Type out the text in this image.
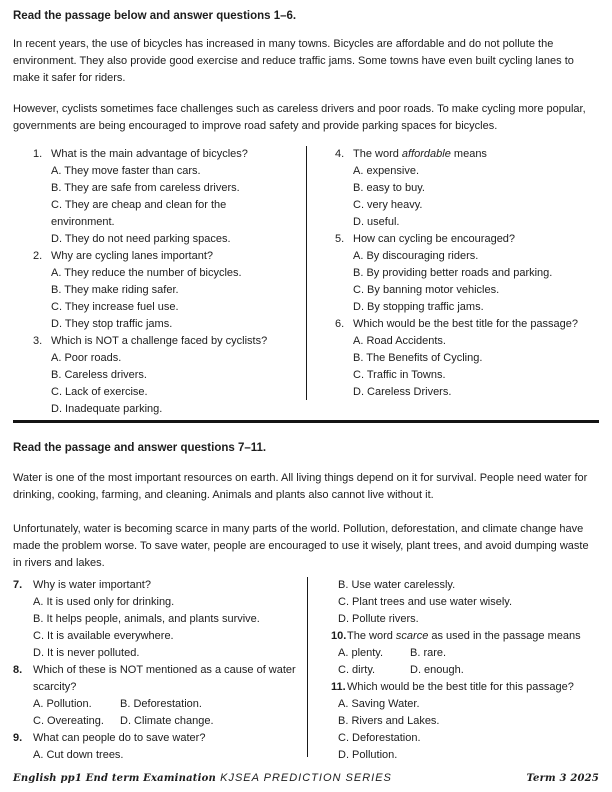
Read the passage below and answer questions 1–6.

In recent years, the use of bicycles has increased in many towns. Bicycles are affordable and do not pollute the environment. They also provide good exercise and reduce traffic jams. Some towns have even built cycling lanes to make it safer for riders.

However, cyclists sometimes face challenges such as careless drivers and poor roads. To make cycling more popular, governments are being encouraged to improve road safety and provide parking spaces for bicycles.

1. What is the main advantage of bicycles?
A. They move faster than cars.
B. They are safe from careless drivers.
C. They are cheap and clean for the environment.
D. They do not need parking spaces.
2. Why are cycling lanes important?
A. They reduce the number of bicycles.
B. They make riding safer.
C. They increase fuel use.
D. They stop traffic jams.
3. Which is NOT a challenge faced by cyclists?
A. Poor roads.
B. Careless drivers.
C. Lack of exercise.
D. Inadequate parking.
4. The word affordable means
A. expensive.
B. easy to buy.
C. very heavy.
D. useful.
5. How can cycling be encouraged?
A. By discouraging riders.
B. By providing better roads and parking.
C. By banning motor vehicles.
D. By stopping traffic jams.
6. Which would be the best title for the passage?
A. Road Accidents.
B. The Benefits of Cycling.
C. Traffic in Towns.
D. Careless Drivers.
Read the passage and answer questions 7–11.

Water is one of the most important resources on earth. All living things depend on it for survival. People need water for drinking, cooking, farming, and cleaning. Animals and plants also cannot live without it.

Unfortunately, water is becoming scarce in many parts of the world. Pollution, deforestation, and climate change have made the problem worse. To save water, people are encouraged to use it wisely, plant trees, and avoid dumping waste in rivers and lakes.

7. Why is water important?
A. It is used only for drinking.
B. It helps people, animals, and plants survive.
C. It is available everywhere.
D. It is never polluted.
8. Which of these is NOT mentioned as a cause of water scarcity?
A. Pollution.	B. Deforestation.
C. Overeating. D. Climate change.
9. What can people do to save water?
A. Cut down trees.
B. Use water carelessly.
C. Plant trees and use water wisely.
D. Pollute rivers.
10. The word scarce as used in the passage means
A. plenty. B. rare.
C. dirty.	D. enough.
11. Which would be the best title for this passage?
A. Saving Water.
B. Rivers and Lakes.
C. Deforestation.
D. Pollution.
English pp1 End term Examination KJSEA PREDICTION SERIES	Term 3 2025
